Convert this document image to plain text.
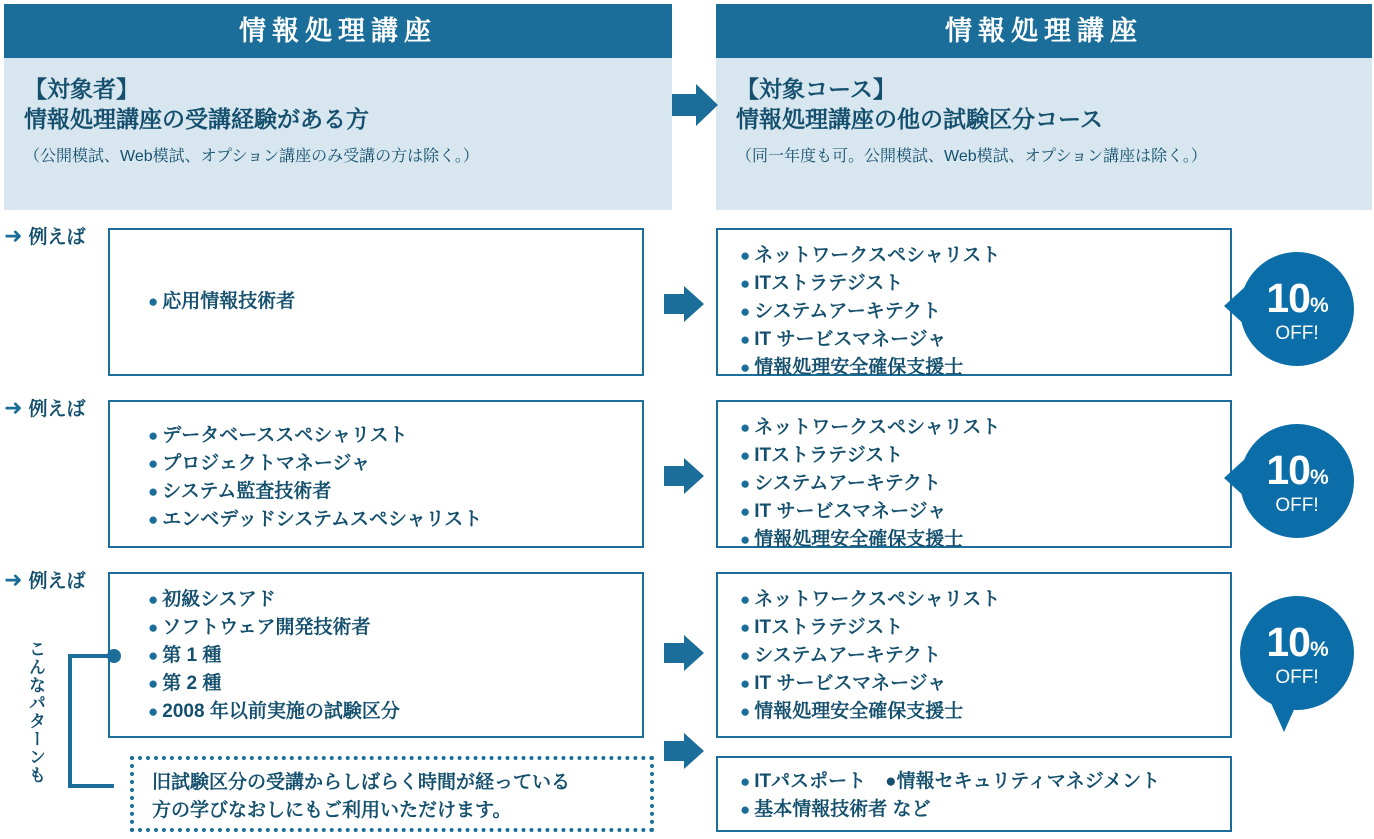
情報処理講座
【対象者】
情報処理講座の受講経験がある方
（公開模試、Web模試、オプション講座のみ受講の方は除く。）
情報処理講座
【対象コース】
情報処理講座の他の試験区分コース
（同一年度も可。公開模試、Web模試、オプション講座は除く。）
➜ 例えば
● 応用情報技術者
● ネットワークスペシャリスト
● ITストラテジスト
● システムアーキテクト
● IT サービスマネージャ
● 情報処理安全確保支援士
10%
OFF!
➜ 例えば
● データベーススペシャリスト
● プロジェクトマネージャ
● システム監査技術者
● エンベデッドシステムスペシャリスト
● ネットワークスペシャリスト
● ITストラテジスト
● システムアーキテクト
● IT サービスマネージャ
● 情報処理安全確保支援士
10%
OFF!
➜ 例えば
● 初級シスアド
● ソフトウェア開発技術者
● 第 1 種
● 第 2 種
● 2008 年以前実施の試験区分
● ネットワークスペシャリスト
● ITストラテジスト
● システムアーキテクト
● IT サービスマネージャ
● 情報処理安全確保支援士
10%
OFF!
旧試験区分の受講からしばらく時間が経っている
方の学びなおしにもご利用いただけます。
● ITパスポート　●情報セキュリティマネジメント
● 基本情報技術者 など
こんなパターンも
